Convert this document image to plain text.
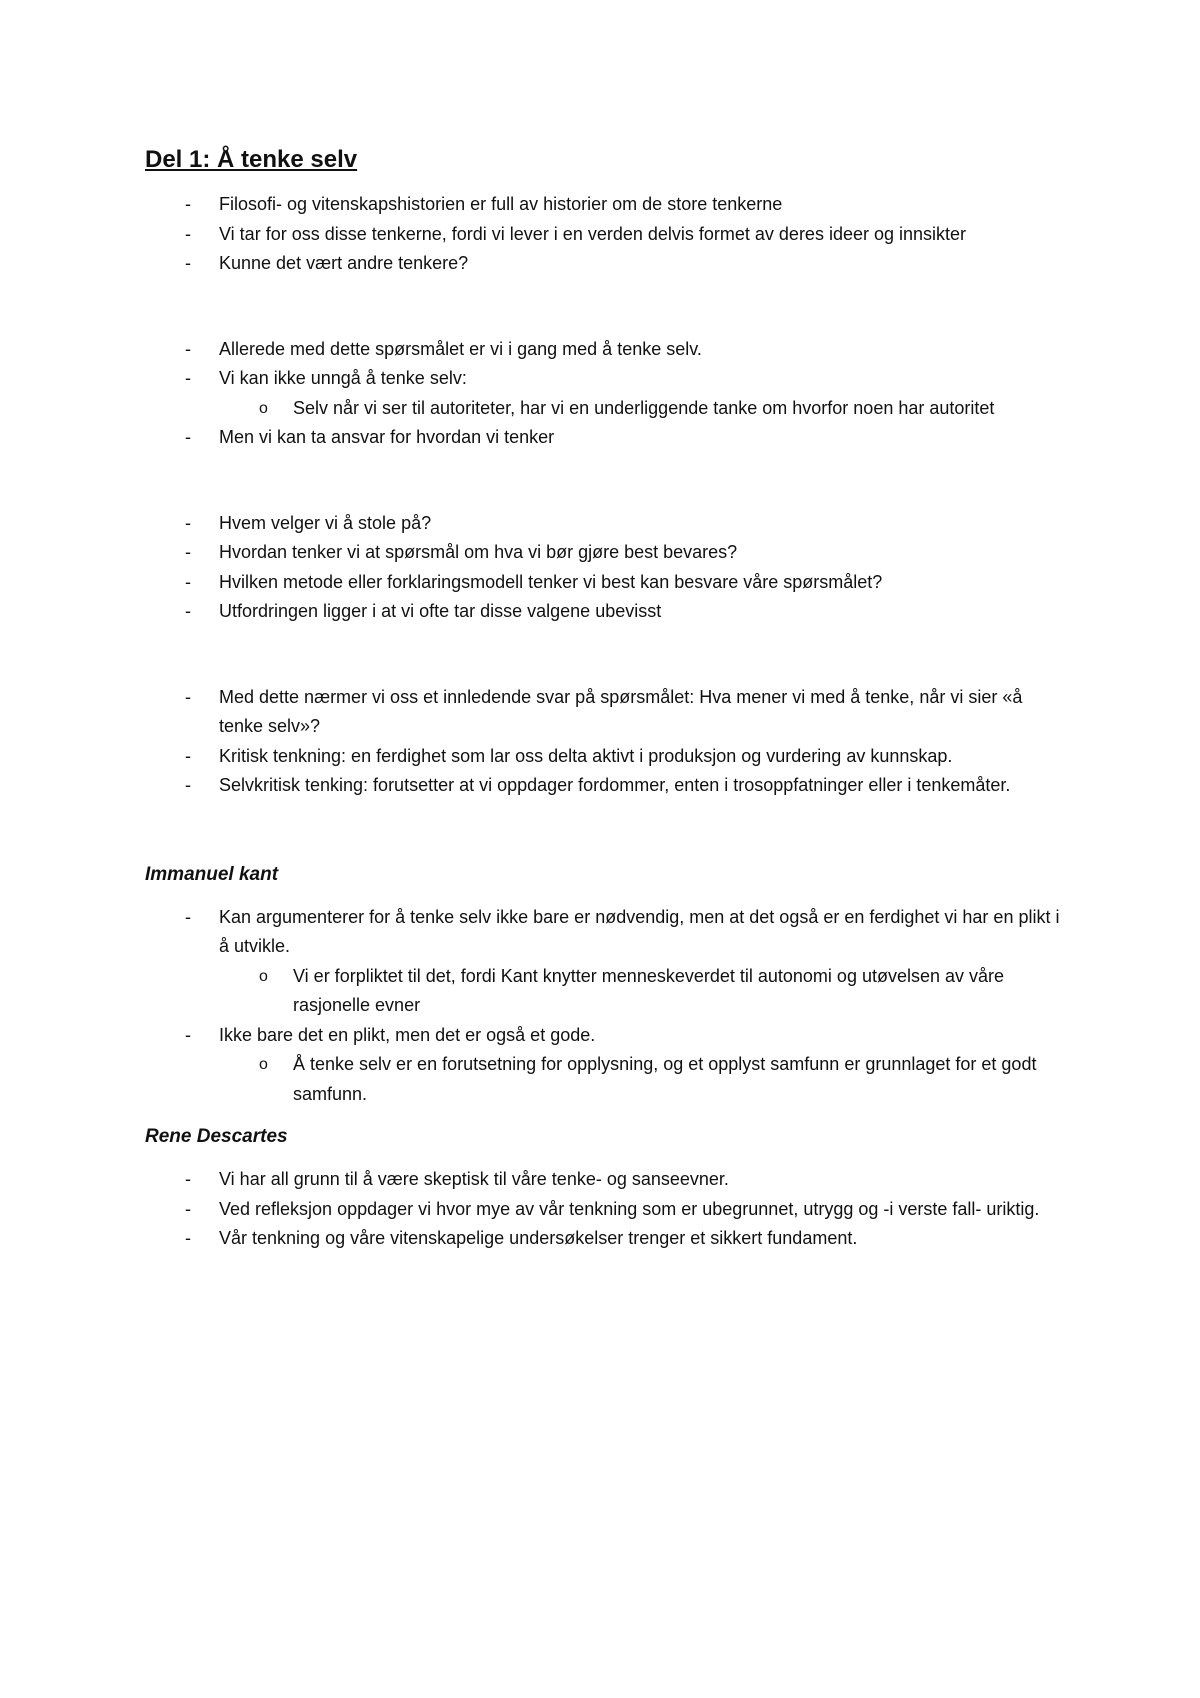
Del 1: Å tenke selv
- Filosofi- og vitenskapshistorien er full av historier om de store tenkerne
- Vi tar for oss disse tenkerne, fordi vi lever i en verden delvis formet av deres ideer og innsikter
- Kunne det vært andre tenkere?
- Allerede med dette spørsmålet er vi i gang med å tenke selv.
- Vi kan ikke unngå å tenke selv:
o Selv når vi ser til autoriteter, har vi en underliggende tanke om hvorfor noen har autoritet
- Men vi kan ta ansvar for hvordan vi tenker
- Hvem velger vi å stole på?
- Hvordan tenker vi at spørsmål om hva vi bør gjøre best bevares?
- Hvilken metode eller forklaringsmodell tenker vi best kan besvare våre spørsmålet?
- Utfordringen ligger i at vi ofte tar disse valgene ubevisst
- Med dette nærmer vi oss et innledende svar på spørsmålet: Hva mener vi med å tenke, når vi sier «å tenke selv»?
- Kritisk tenkning: en ferdighet som lar oss delta aktivt i produksjon og vurdering av kunnskap.
- Selvkritisk tenking: forutsetter at vi oppdager fordommer, enten i trosoppfatninger eller i tenkemåter.
Immanuel kant
- Kan argumenterer for å tenke selv ikke bare er nødvendig, men at det også er en ferdighet vi har en plikt i å utvikle.
o Vi er forpliktet til det, fordi Kant knytter menneskeverdet til autonomi og utøvelsen av våre rasjonelle evner
- Ikke bare det en plikt, men det er også et gode.
o Å tenke selv er en forutsetning for opplysning, og et opplyst samfunn er grunnlaget for et godt samfunn.
Rene Descartes
- Vi har all grunn til å være skeptisk til våre tenke- og sanseevner.
- Ved refleksjon oppdager vi hvor mye av vår tenkning som er ubegrunnet, utrygg og -i verste fall- uriktig.
- Vår tenkning og våre vitenskapelige undersøkelser trenger et sikkert fundament.
